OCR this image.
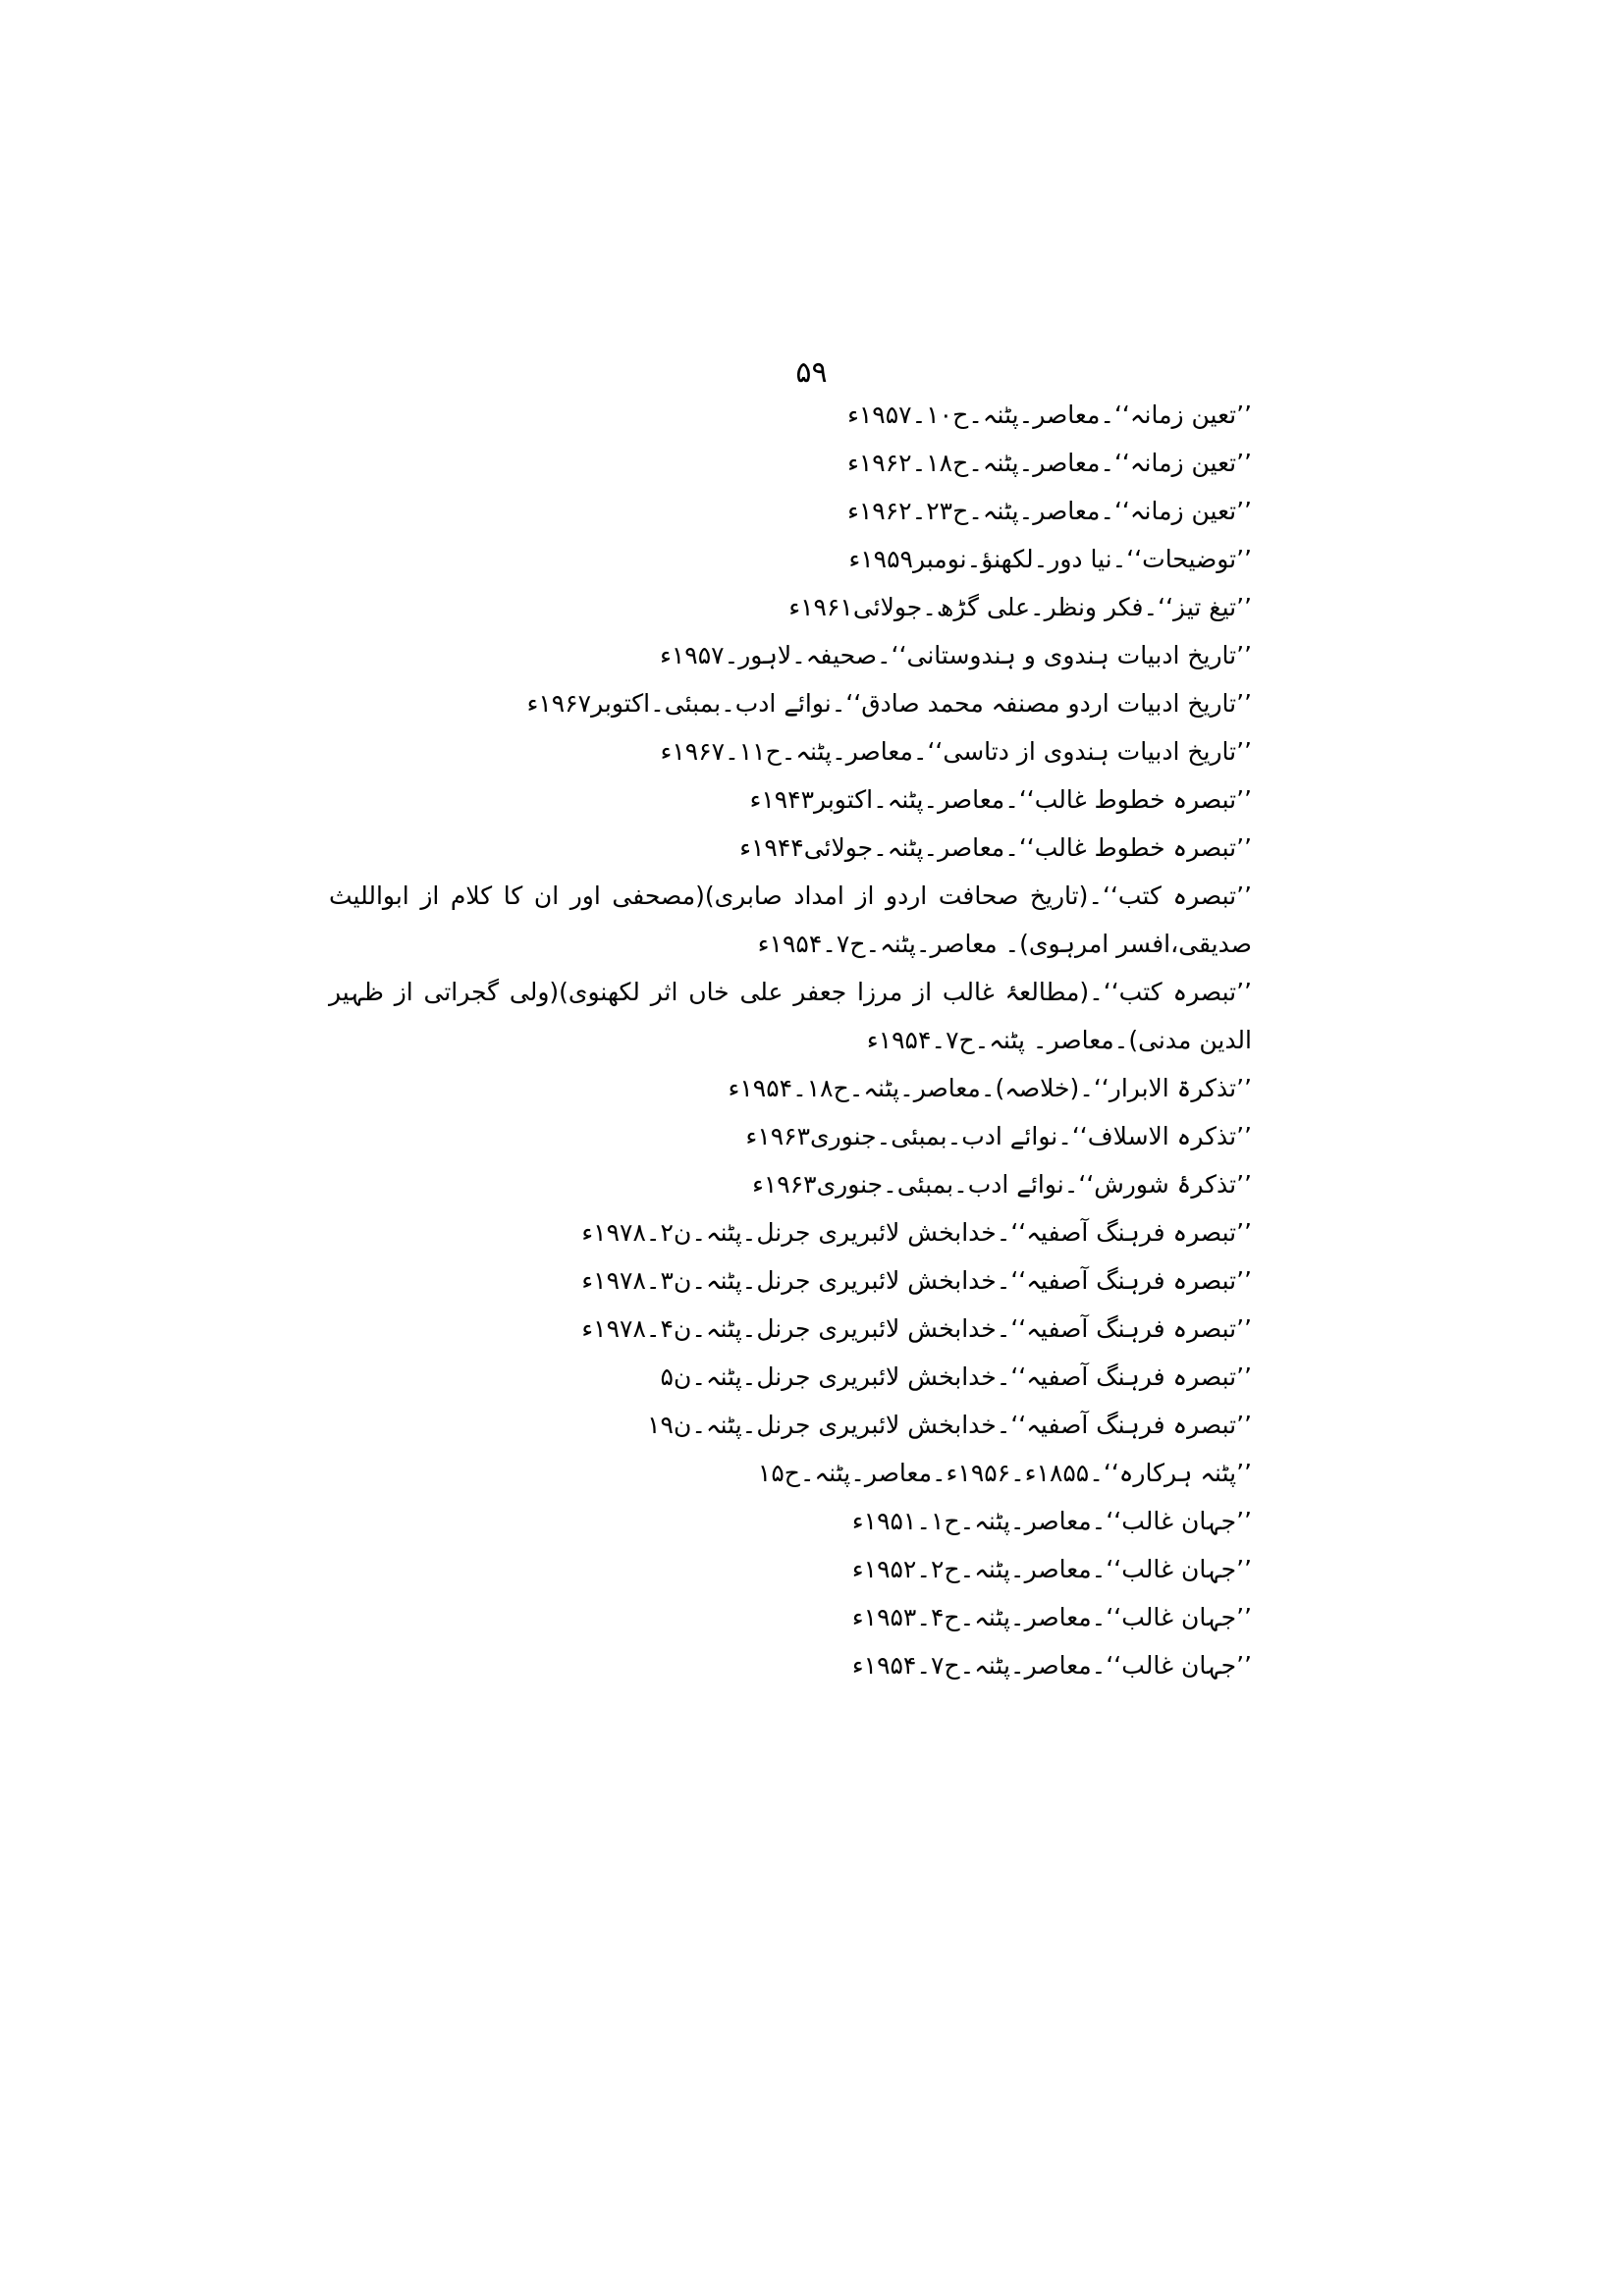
۵۹
’’تعین زمانہ‘‘۔معاصر۔پٹنہ۔ح۱۰۔۱۹۵۷ء
’’تعین زمانہ‘‘۔معاصر۔پٹنہ۔ح۱۸۔۱۹۶۲ء
’’تعین زمانہ‘‘۔معاصر۔پٹنہ۔ح۲۳۔۱۹۶۲ء
’’توضیحات‘‘۔نیا دور۔لکھنؤ۔نومبر۱۹۵۹ء
’’تیغ تیز‘‘۔فکر ونظر۔علی گڑھ۔جولائی۱۹۶۱ء
’’تاریخ ادبیات ہندوی و ہندوستانی‘‘۔صحیفہ۔لاہور۔۱۹۵۷ء
’’تاریخ ادبیات اردو مصنفہ محمد صادق‘‘۔نوائے ادب۔بمبئی۔اکتوبر۱۹۶۷ء
’’تاریخ ادبیات ہندوی از دتاسی‘‘۔معاصر۔پٹنہ۔ح۱۱۔۱۹۶۷ء
’’تبصرہ خطوط غالب‘‘۔معاصر۔پٹنہ۔اکتوبر۱۹۴۳ء
’’تبصرہ خطوط غالب‘‘۔معاصر۔پٹنہ۔جولائی۱۹۴۴ء
’’تبصرہ کتب‘‘۔(تاریخ صحافت اردو از امداد صابری)(مصحفی اور ان کا کلام از ابواللیث صدیقی،افسر امرہوی)۔ معاصر۔پٹنہ۔ح۷۔۱۹۵۴ء
’’تبصرہ کتب‘‘۔(مطالعۂ غالب از مرزا جعفر علی خاں اثر لکھنوی)(ولی گجراتی از ظہیر الدین مدنی)۔معاصر۔ پٹنہ۔ح۷۔۱۹۵۴ء
’’تذکرۃ الابرار‘‘۔(خلاصہ)۔معاصر۔پٹنہ۔ح۱۸۔۱۹۵۴ء
’’تذکرہ الاسلاف‘‘۔نوائے ادب۔بمبئی۔جنوری۱۹۶۳ء
’’تذکرۂ شورش‘‘۔نوائے ادب۔بمبئی۔جنوری۱۹۶۳ء
’’تبصرہ فرہنگ آصفیہ‘‘۔خدابخش لائبریری جرنل۔پٹنہ۔ن۲۔۱۹۷۸ء
’’تبصرہ فرہنگ آصفیہ‘‘۔خدابخش لائبریری جرنل۔پٹنہ۔ن۳۔۱۹۷۸ء
’’تبصرہ فرہنگ آصفیہ‘‘۔خدابخش لائبریری جرنل۔پٹنہ۔ن۴۔۱۹۷۸ء
’’تبصرہ فرہنگ آصفیہ‘‘۔خدابخش لائبریری جرنل۔پٹنہ۔ن۵
’’تبصرہ فرہنگ آصفیہ‘‘۔خدابخش لائبریری جرنل۔پٹنہ۔ن۱۹
’’پٹنہ ہرکارہ‘‘۔۱۸۵۵ء۔۱۹۵۶ء۔معاصر۔پٹنہ۔ح۱۵
’’جہان غالب‘‘۔معاصر۔پٹنہ۔ح۱۔۱۹۵۱ء
’’جہان غالب‘‘۔معاصر۔پٹنہ۔ح۲۔۱۹۵۲ء
’’جہان غالب‘‘۔معاصر۔پٹنہ۔ح۴۔۱۹۵۳ء
’’جہان غالب‘‘۔معاصر۔پٹنہ۔ح۷۔۱۹۵۴ء
